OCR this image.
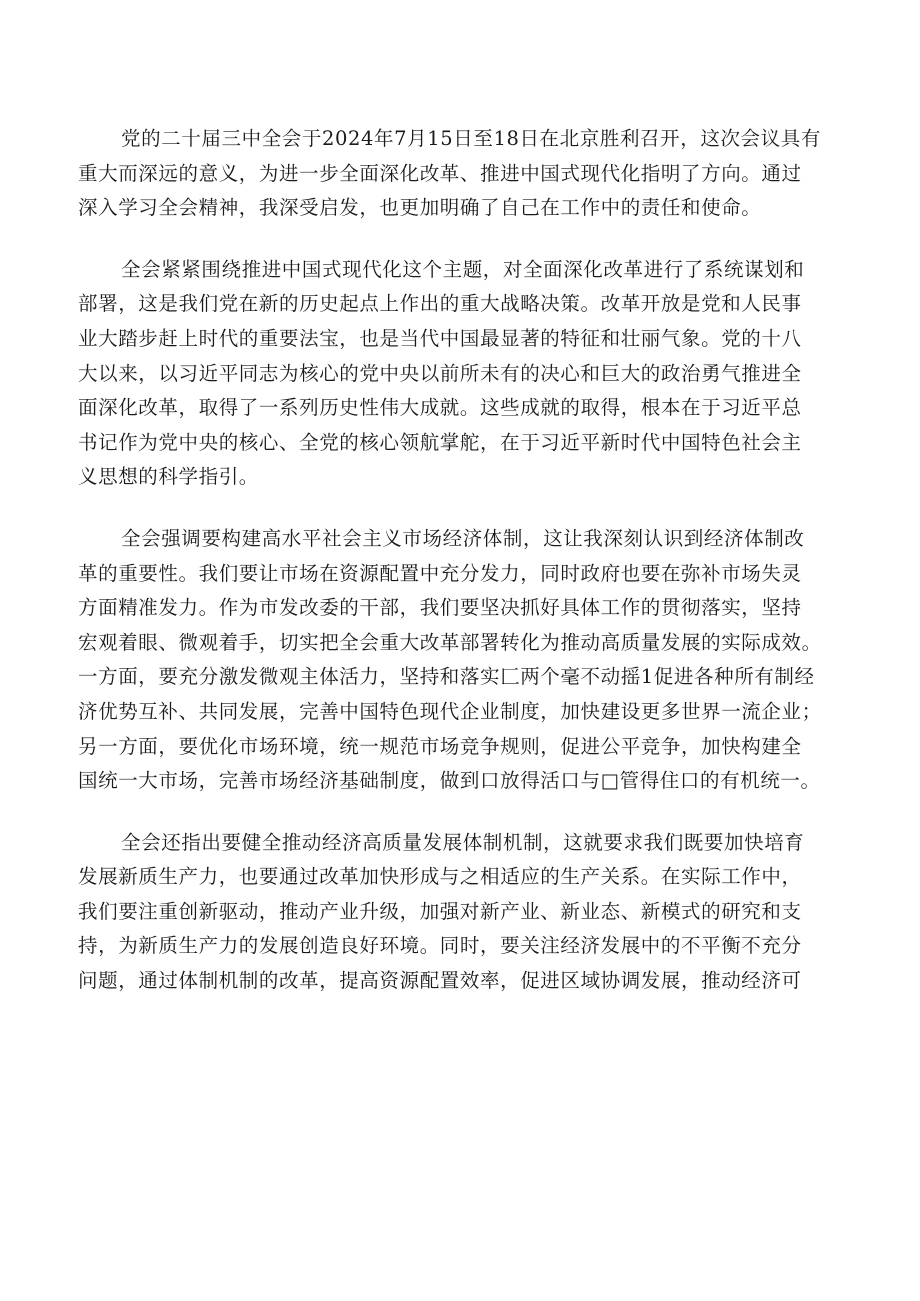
党的二十届三中全会于2024年7月15日至18日在北京胜利召开，这次会议具有
重大而深远的意义，为进一步全面深化改革、推进中国式现代化指明了方向。通过
深入学习全会精神，我深受启发，也更加明确了自己在工作中的责任和使命。
全会紧紧围绕推进中国式现代化这个主题，对全面深化改革进行了系统谋划和
部署，这是我们党在新的历史起点上作出的重大战略决策。改革开放是党和人民事
业大踏步赶上时代的重要法宝，也是当代中国最显著的特征和壮丽气象。党的十八
大以来，以习近平同志为核心的党中央以前所未有的决心和巨大的政治勇气推进全
面深化改革，取得了一系列历史性伟大成就。这些成就的取得，根本在于习近平总
书记作为党中央的核心、全党的核心领航掌舵，在于习近平新时代中国特色社会主
义思想的科学指引。
全会强调要构建高水平社会主义市场经济体制，这让我深刻认识到经济体制改
革的重要性。我们要让市场在资源配置中充分发力，同时政府也要在弥补市场失灵
方面精准发力。作为市发改委的干部，我们要坚决抓好具体工作的贯彻落实，坚持
宏观着眼、微观着手，切实把全会重大改革部署转化为推动高质量发展的实际成效。
一方面，要充分激发微观主体活力，坚持和落实匚两个毫不动摇1促进各种所有制经
济优势互补、共同发展，完善中国特色现代企业制度，加快建设更多世界一流企业；
另一方面，要优化市场环境，统一规范市场竞争规则，促进公平竞争，加快构建全
国统一大市场，完善市场经济基础制度，做到口放得活口与□管得住口的有机统一。
全会还指出要健全推动经济高质量发展体制机制，这就要求我们既要加快培育
发展新质生产力，也要通过改革加快形成与之相适应的生产关系。在实际工作中，
我们要注重创新驱动，推动产业升级，加强对新产业、新业态、新模式的研究和支
持，为新质生产力的发展创造良好环境。同时，要关注经济发展中的不平衡不充分
问题，通过体制机制的改革，提高资源配置效率，促进区域协调发展，推动经济可
